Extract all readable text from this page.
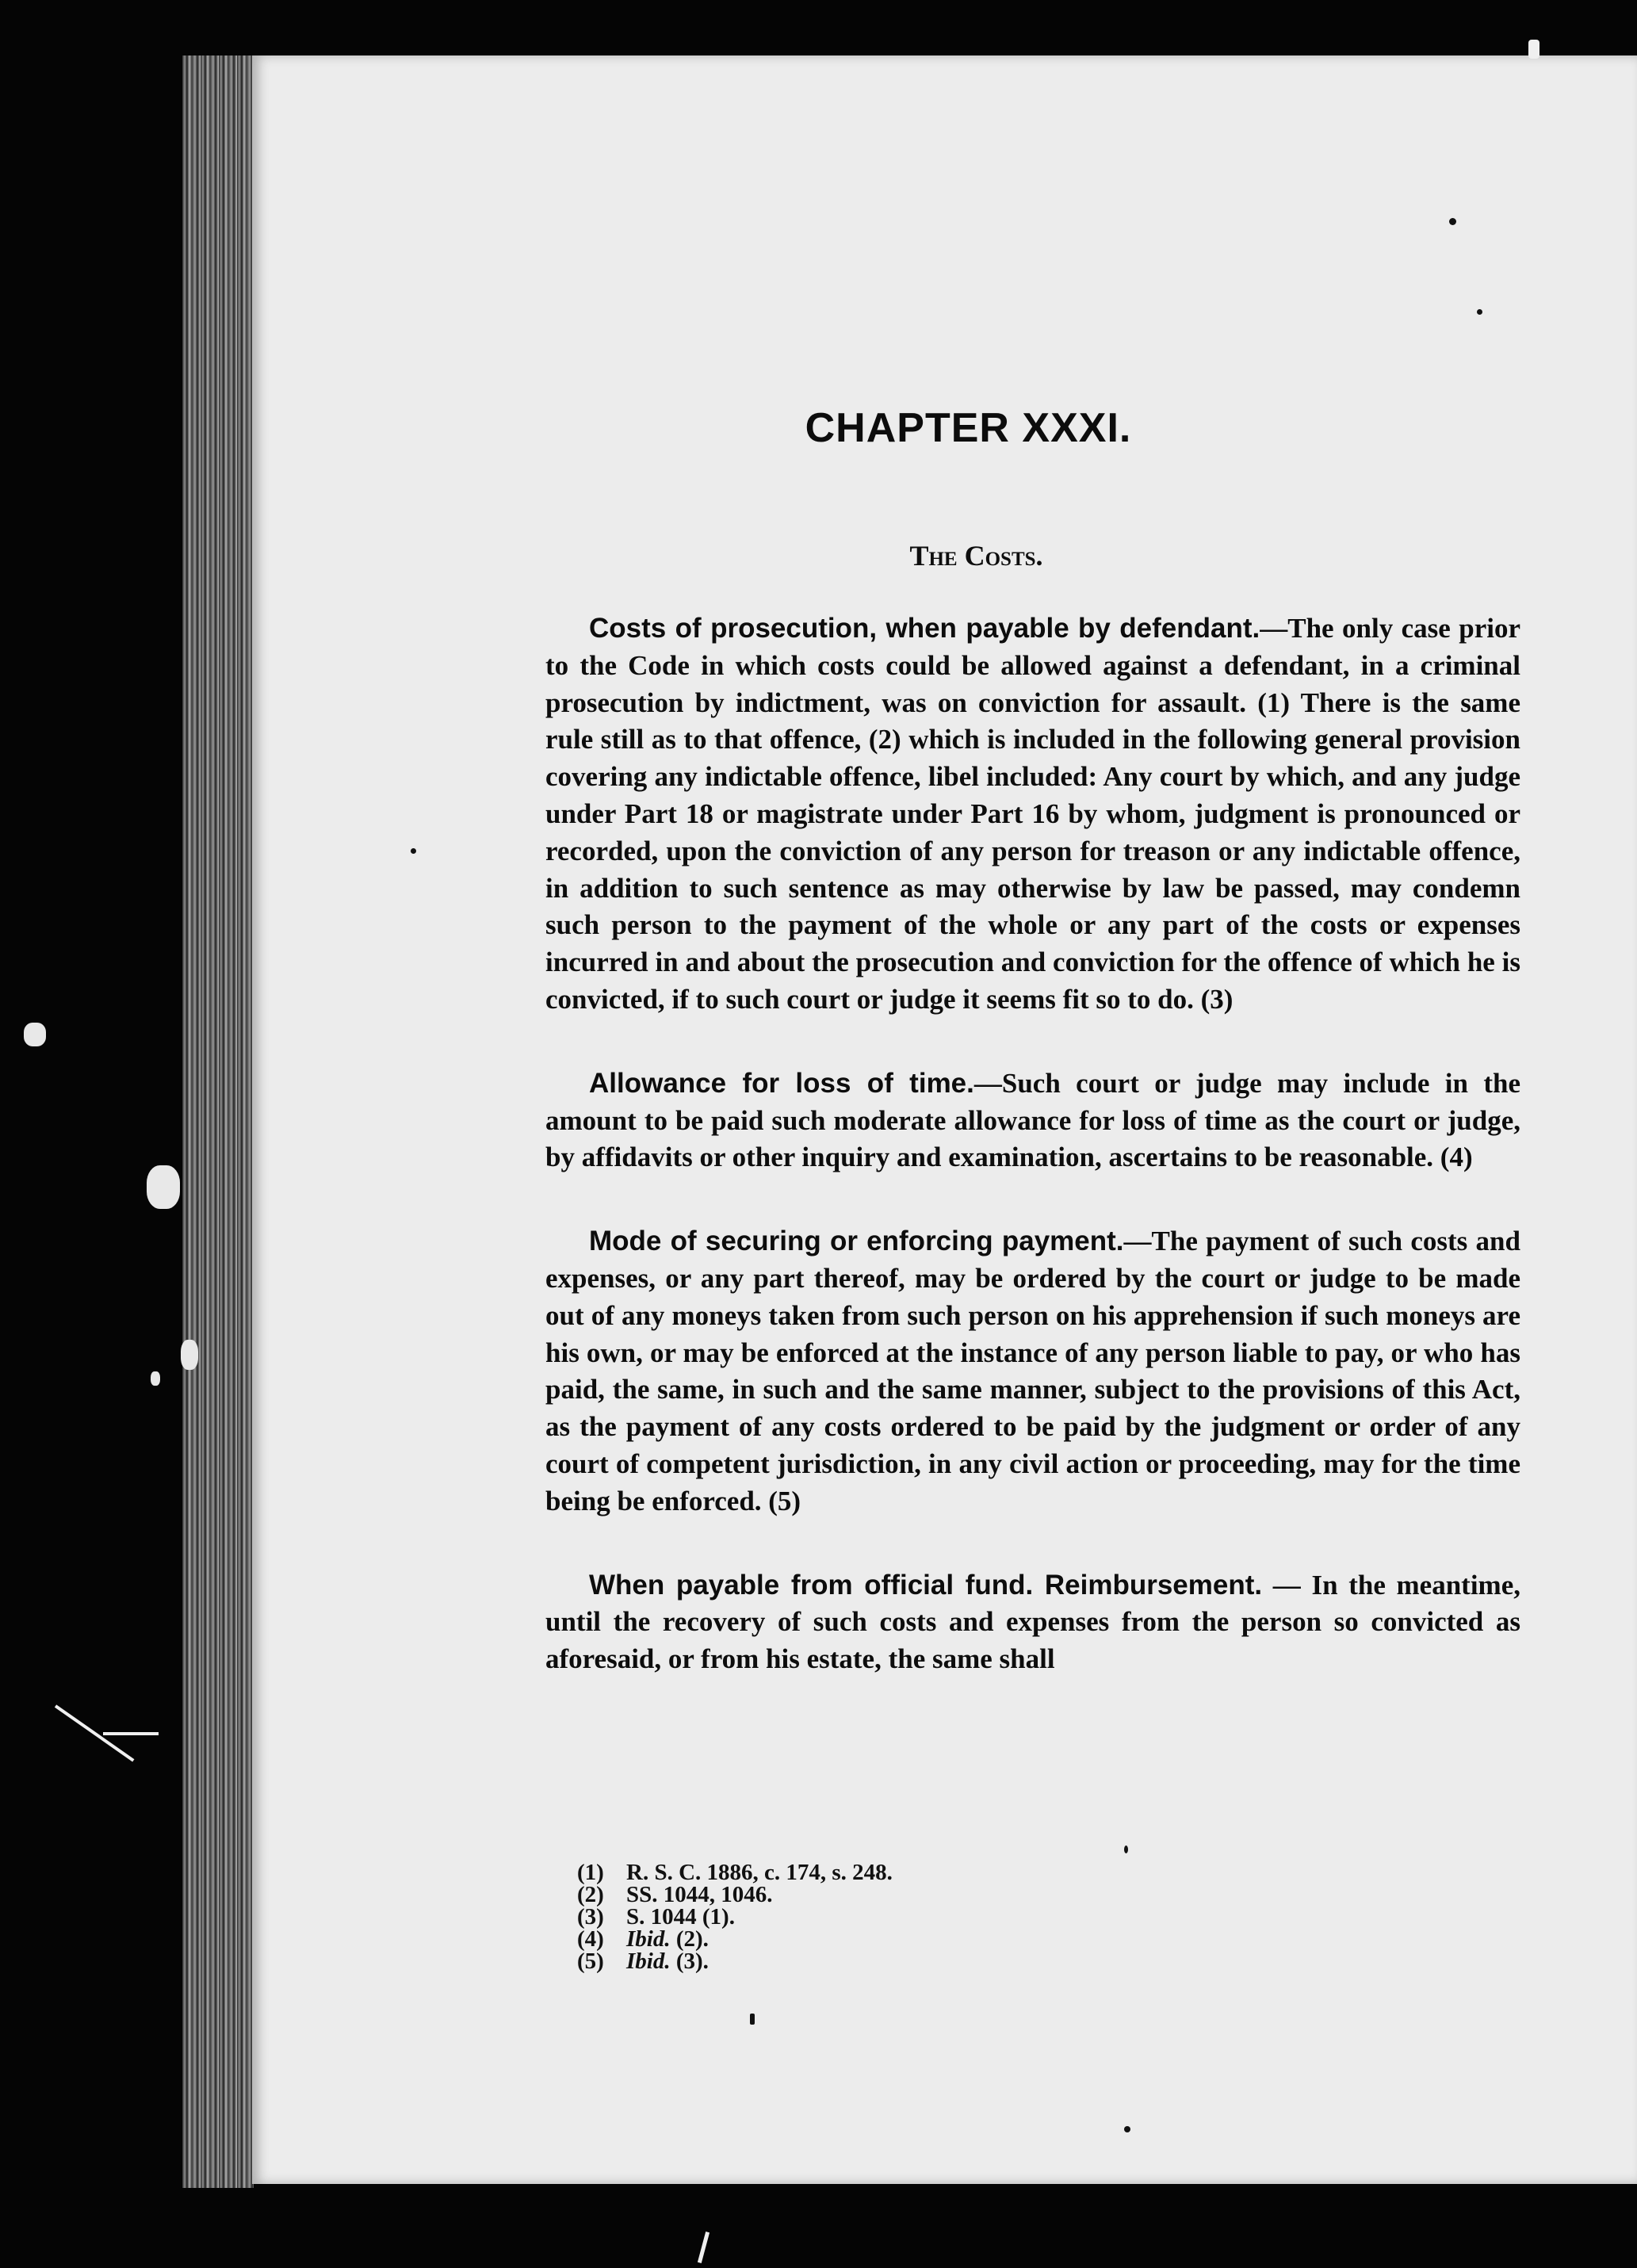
CHAPTER XXXI.
The Costs.

Costs of prosecution, when payable by defendant.—The only case prior to the Code in which costs could be allowed against a defendant, in a criminal prosecution by indictment, was on conviction for assault. (1) There is the same rule still as to that offence, (2) which is included in the following general provision covering any indictable offence, libel included: Any court by which, and any judge under Part 18 or magistrate under Part 16 by whom, judgment is pronounced or recorded, upon the conviction of any person for treason or any indictable offence, in addition to such sentence as may otherwise by law be passed, may condemn such person to the payment of the whole or any part of the costs or expenses incurred in and about the prosecution and conviction for the offence of which he is convicted, if to such court or judge it seems fit so to do. (3)

Allowance for loss of time.—Such court or judge may include in the amount to be paid such moderate allowance for loss of time as the court or judge, by affidavits or other inquiry and examination, ascertains to be reasonable. (4)

Mode of securing or enforcing payment.—The payment of such costs and expenses, or any part thereof, may be ordered by the court or judge to be made out of any moneys taken from such person on his apprehension if such moneys are his own, or may be enforced at the instance of any person liable to pay, or who has paid, the same, in such and the same manner, subject to the provisions of this Act, as the payment of any costs ordered to be paid by the judgment or order of any court of competent jurisdiction, in any civil action or proceeding, may for the time being be enforced. (5)

When payable from official fund. Reimbursement. — In the meantime, until the recovery of such costs and expenses from the person so convicted as aforesaid, or from his estate, the same shall

(1) R. S. C. 1886, c. 174, s. 248.
(2) SS. 1044, 1046.
(3) S. 1044 (1).
(4) Ibid. (2).
(5) Ibid. (3).
